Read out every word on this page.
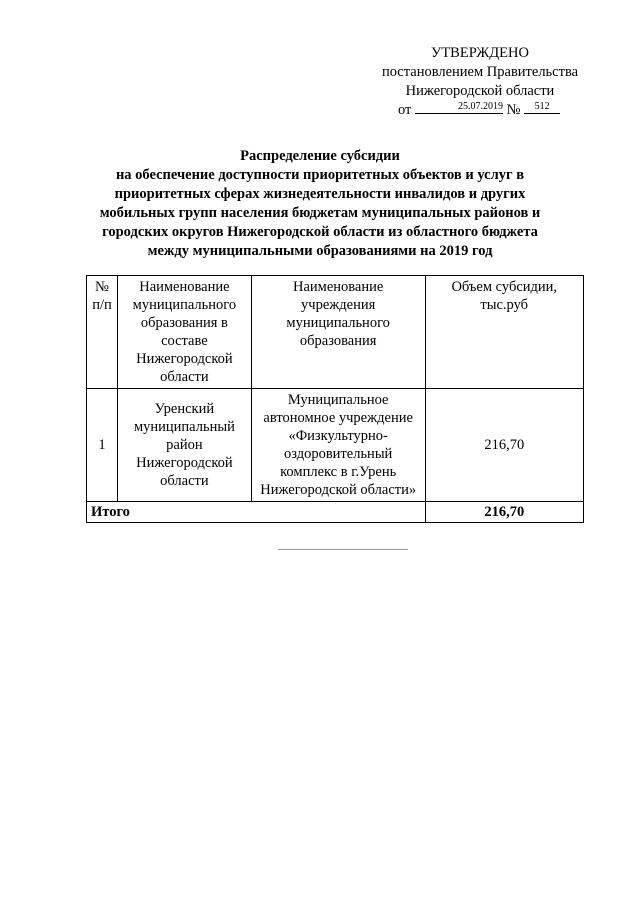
УТВЕРЖДЕНО
постановлением Правительства
Нижегородской области
от	25.07.2019 №	512
Распределение субсидии
на обеспечение доступности приоритетных объектов и услуг в
приоритетных сферах жизнедеятельности инвалидов и других
мобильных групп населения бюджетам муниципальных районов и
городских округов Нижегородской области из областного бюджета
между муниципальными образованиями на 2019 год
№ п/п	Наименование муниципального образования в составе Нижегородской области	Наименование учреждения муниципального образования	Объем субсидии, тыс.руб
1	Уренский муниципальный район Нижегородской области	Муниципальное автономное учреждение «Физкультурно-оздоровительный комплекс в г.Урень Нижегородской области»	216,70
Итого			216,70
